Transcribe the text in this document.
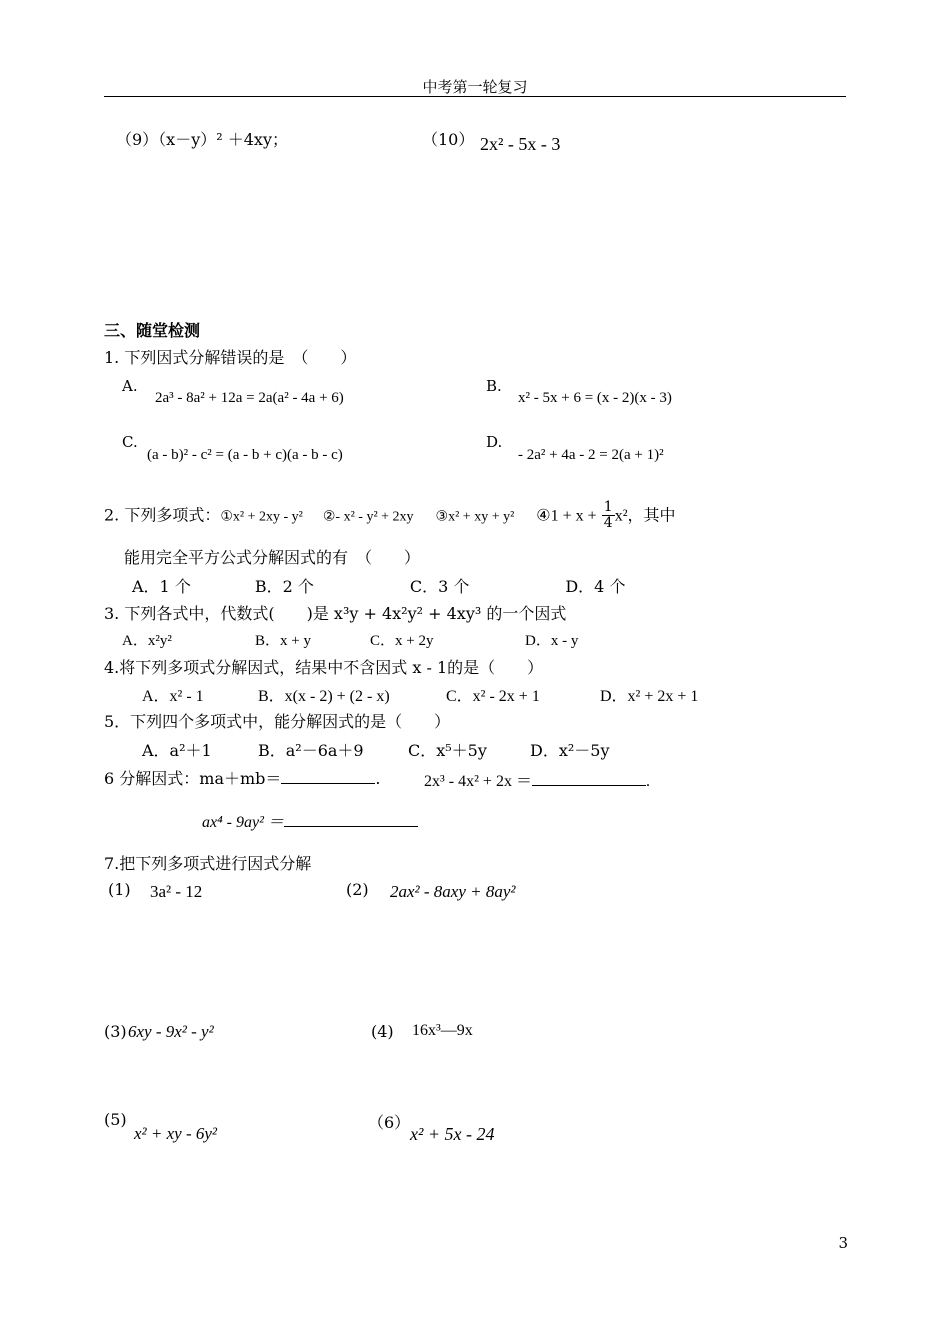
中考第一轮复习
（9）（x－y）² ＋4xy；	（10） 2x² - 5x - 3
三、随堂检测
1. 下列因式分解错误的是　（　　）
A.
2a³ - 8a² + 12a = 2a(a² - 4a + 6)
B.
x² - 5x + 6 = (x - 2)(x - 3)
C.
(a - b)² - c² = (a - b + c)(a - b - c)
D.
- 2a² + 4a - 2 = 2(a + 1)²
2. 下列多项式：①x² + 2xy - y² ②- x² - y² + 2xy ③x² + xy + y² ④1 + $x + \frac{1}{4} x^2$，其中
能用完全平方公式分解因式的有　（　　）
A．1 个　　　　B．2 个　　　　　　C．3 个　　　　　　D．4 个
3. 下列各式中，代数式(　　)是 x³y + 4x²y² + 4xy³ 的一个因式
A．x²y²	B．x + y	C．x + 2y	D．x - y
4.将下列多项式分解因式，结果中不含因式 x - 1的是（　　）
A．x² - 1	B．x(x - 2) + (2 - x)	C．x² - 2x + 1	D．x² + 2x + 1
5．下列四个多项式中，能分解因式的是（　　）
A．a²＋1	B．a²－6a＋9	C．x⁵＋5y	D．x²－5y
6 分解因式：ma＋mb＝	.	2x³ - 4x² + 2x ＝	.
ax⁴ - 9ay² ＝
7.把下列多项式进行因式分解
(1) 3a² - 12	(2) 2ax² - 8axy + 8ay²
(3) 6xy - 9x² - y²	(4) 16x³—9x
(5)
x² + xy - 6y²
（6）
x² + 5x - 24
3
